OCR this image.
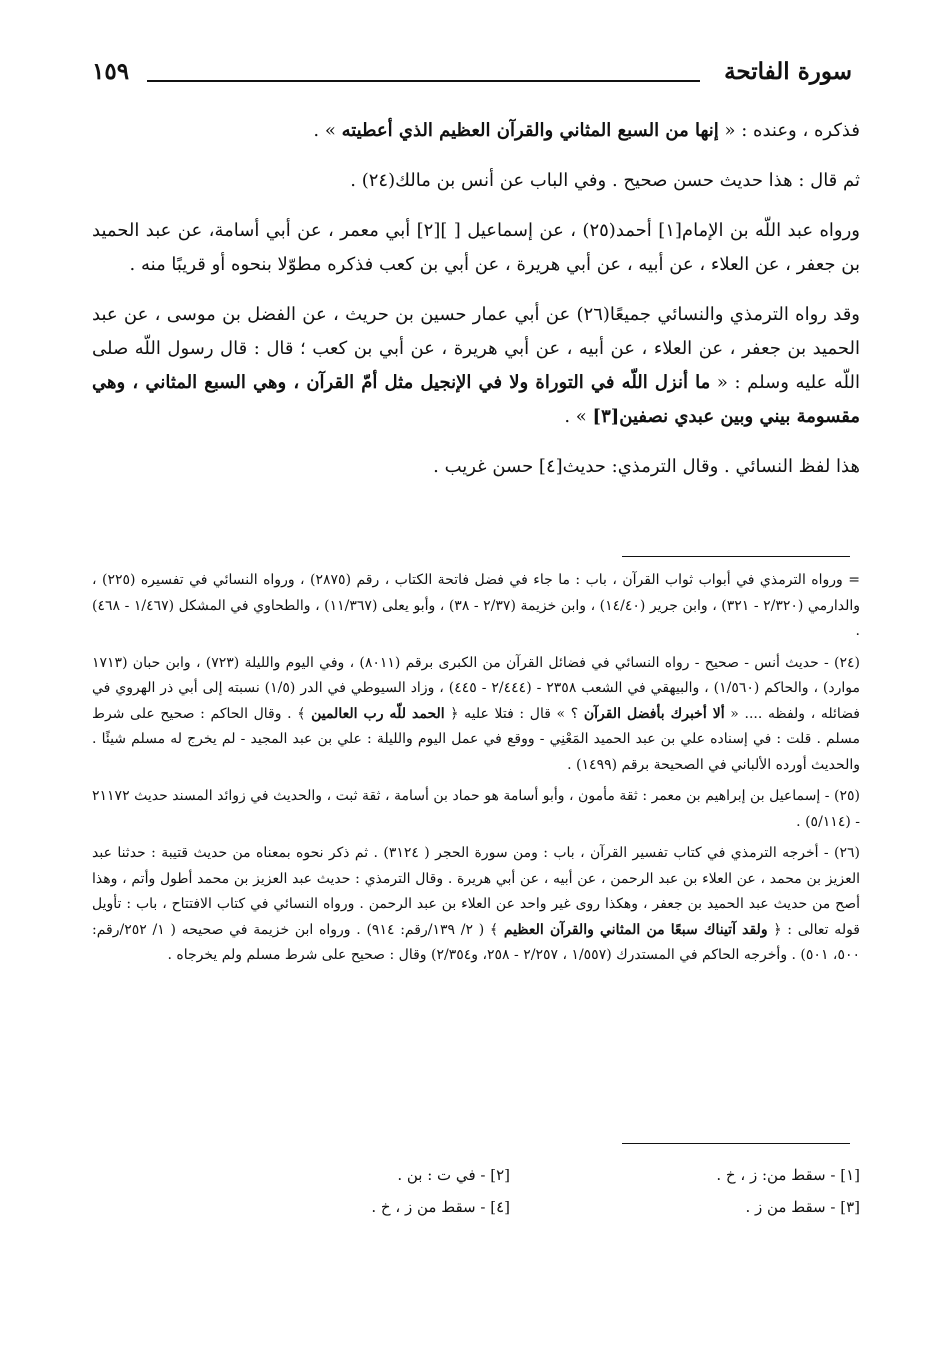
سورة الفاتحة
١٥٩

فذكره ، وعنده : « إنها من السبع المثاني والقرآن العظيم الذي أعطيته » .

ثم قال : هذا حديث حسن صحيح . وفي الباب عن أنس بن مالك(٢٤) .

ورواه عبد اللّه بن الإمام[١] أحمد(٢٥) ، عن إسماعيل [ ][٢] أبي معمر ، عن أبي أسامة، عن عبد الحميد بن جعفر ، عن العلاء ، عن أبيه ، عن أبي هريرة ، عن أبي بن كعب فذكره مطوّلا بنحوه أو قريبًا منه .

وقد رواه الترمذي والنسائي جميعًا(٢٦) عن أبي عمار حسين بن حريث ، عن الفضل بن موسى ، عن عبد الحميد بن جعفر ، عن العلاء ، عن أبيه ، عن أبي هريرة ، عن أبي بن كعب ؛ قال : قال رسول اللّه صلى اللّه عليه وسلم : « ما أنزل اللّه في التوراة ولا في الإنجيل مثل أمّ القرآن ، وهي السبع المثاني ، وهي مقسومة بيني وبين عبدي نصفين[٣] » .

هذا لفظ النسائي . وقال الترمذي: حديث[٤] حسن غريب .

= ورواه الترمذي في أبواب ثواب القرآن ، باب : ما جاء في فضل فاتحة الكتاب ، رقم (٢٨٧٥) ، ورواه النسائي في تفسيره (٢٢٥) ، والدارمي (٢/٣٢٠ - ٣٢١) ، وابن جرير (١٤/٤٠) ، وابن خزيمة (٢/٣٧ - ٣٨) ، وأبو يعلى (١١/٣٦٧) ، والطحاوي في المشكل (١/٤٦٧ - ٤٦٨) .

(٢٤) - حديث أنس - صحيح - رواه النسائي في فضائل القرآن من الكبرى برقم (٨٠١١) ، وفي اليوم والليلة (٧٢٣) ، وابن حبان (١٧١٣ موارد) ، والحاكم (١/٥٦٠) ، والبيهقي في الشعب ٢٣٥٨ - (٢/٤٤٤ - ٤٤٥) ، وزاد السيوطي في الدر (١/٥) نسبته إلى أبي ذر الهروي في فضائله ، ولفظه .... « ألا أخبرك بأفضل القرآن ؟ » قال : فتلا عليه ﴿ الحمد للّه رب العالمين ﴾ . وقال الحاكم : صحيح على شرط مسلم . قلت : في إسناده علي بن عبد الحميد المَعْنِي - ووقع في عمل اليوم والليلة : علي بن عبد المجيد - لم يخرج له مسلم شيئًا . والحديث أورده الألباني في الصحيحة برقم (١٤٩٩) .

(٢٥) - إسماعيل بن إبراهيم بن معمر : ثقة مأمون ، وأبو أسامة هو حماد بن أسامة ، ثقة ثبت ، والحديث في زوائد المسند حديث ٢١١٧٢ - (٥/١١٤) .

(٢٦) - أخرجه الترمذي في كتاب تفسير القرآن ، باب : ومن سورة الحجر ( ٣١٢٤) . ثم ذكر نحوه بمعناه من حديث قتيبة : حدثنا عبد العزيز بن محمد ، عن العلاء بن عبد الرحمن ، عن أبيه ، عن أبي هريرة . وقال الترمذي : حديث عبد العزيز بن محمد أطول وأتم ، وهذا أصح من حديث عبد الحميد بن جعفر ، وهكذا روى غير واحد عن العلاء بن عبد الرحمن . ورواه النسائي في كتاب الافتتاح ، باب : تأويل قوله تعالى : ﴿ ولقد آتيناك سبعًا من المثاني والقرآن العظيم ﴾ ( ٢/ ١٣٩/رقم: ٩١٤) . ورواه ابن خزيمة في صحيحه ( ١/ ٢٥٢/رقم: ٥٠٠، ٥٠١) . وأخرجه الحاكم في المستدرك (١/٥٥٧ ، ٢/٢٥٧ - ٢٥٨، و٢/٣٥٤) وقال : صحيح على شرط مسلم ولم يخرجاه .

[١] - سقط من: ز ، خ .
[٢] - في ت : بن .
[٣] - سقط من ز .
[٤] - سقط من ز ، خ .
